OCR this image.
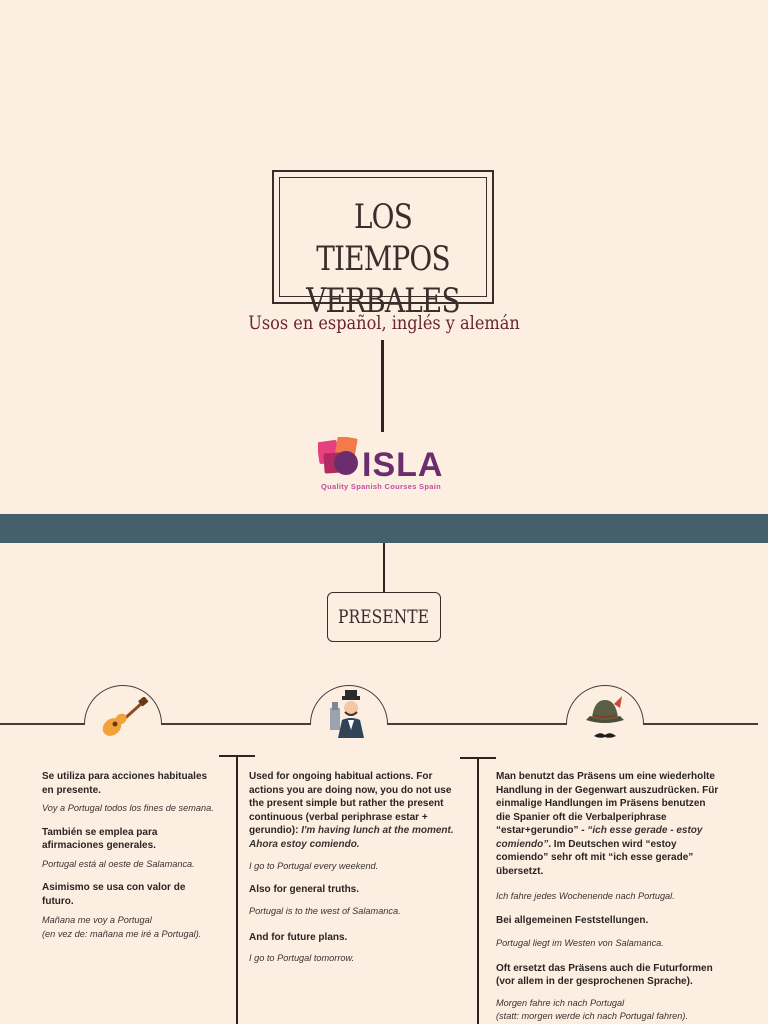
LOS TIEMPOS
VERBALES
Usos en español, inglés y alemán
ISLA
Quality Spanish Courses Spain
PRESENTE

Se utiliza para acciones habituales en presente.

Voy a Portugal todos los fines de semana.

También se emplea para afirmaciones generales.

Portugal está al oeste de Salamanca.

Asimismo se usa con valor de futuro.

Mañana me voy a Portugal

(en vez de: mañana me iré a Portugal).

Used for ongoing habitual actions. For actions you are doing now, you do not use the present simple but rather the present continuous (verbal periphrase estar + gerundio): I'm having lunch at the moment. Ahora estoy comiendo.

I go to Portugal every weekend.

Also for general truths.

Portugal is to the west of Salamanca.

And for future plans.

I go to Portugal tomorrow.

Man benutzt das Präsens um eine wiederholte Handlung in der Gegenwart auszudrücken. Für einmalige Handlungen im Präsens benutzen die Spanier oft die Verbalperiphrase “estar+gerundio” - “ich esse gerade - estoy comiendo”. Im Deutschen wird “estoy comiendo” sehr oft mit “ich esse gerade” übersetzt.

Ich fahre jedes Wochenende nach Portugal.

Bei allgemeinen Feststellungen.

Portugal liegt im Westen von Salamanca.

Oft ersetzt das Präsens auch die Futurformen (vor allem in der gesprochenen Sprache).

Morgen fahre ich nach Portugal

(statt: morgen werde ich nach Portugal fahren).
